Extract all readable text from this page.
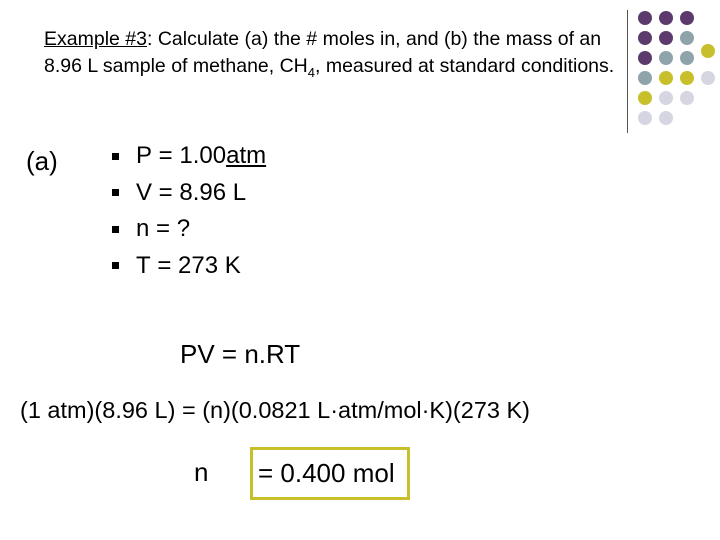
Example #3: Calculate (a) the # moles in, and (b) the mass of an 8.96 L sample of methane, $CH_4$, measured at standard conditions.
(a)	P = 1.00 atm
V = 8.96 L
n = ?
T = 273 K
PV = n.RT
(1 atm)(8.96 L) = (n)(0.0821 L·atm/mol·K)(273 K)
n	= 0.400 mol
